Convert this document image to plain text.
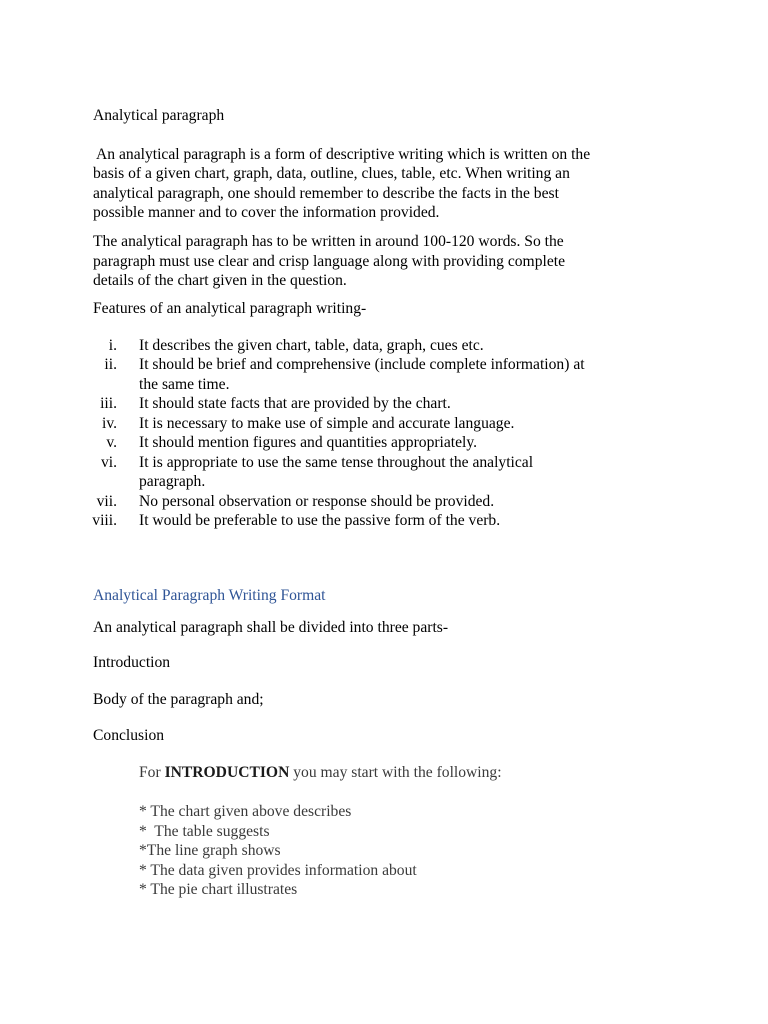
Analytical paragraph
An analytical paragraph is a form of descriptive writing which is written on the
basis of a given chart, graph, data, outline, clues, table, etc. When writing an
analytical paragraph, one should remember to describe the facts in the best
possible manner and to cover the information provided.
The analytical paragraph has to be written in around 100-120 words. So the
paragraph must use clear and crisp language along with providing complete
details of the chart given in the question.
Features of an analytical paragraph writing-
i. It describes the given chart, table, data, graph, cues etc.
ii. It should be brief and comprehensive (include complete information) at
the same time.
iii. It should state facts that are provided by the chart.
iv. It is necessary to make use of simple and accurate language.
v. It should mention figures and quantities appropriately.
vi. It is appropriate to use the same tense throughout the analytical
paragraph.
vii. No personal observation or response should be provided.
viii. It would be preferable to use the passive form of the verb.
Analytical Paragraph Writing Format
An analytical paragraph shall be divided into three parts-
Introduction
Body of the paragraph and;
Conclusion
For INTRODUCTION you may start with the following:
* The chart given above describes
*  The table suggests
*The line graph shows
* The data given provides information about
* The pie chart illustrates
